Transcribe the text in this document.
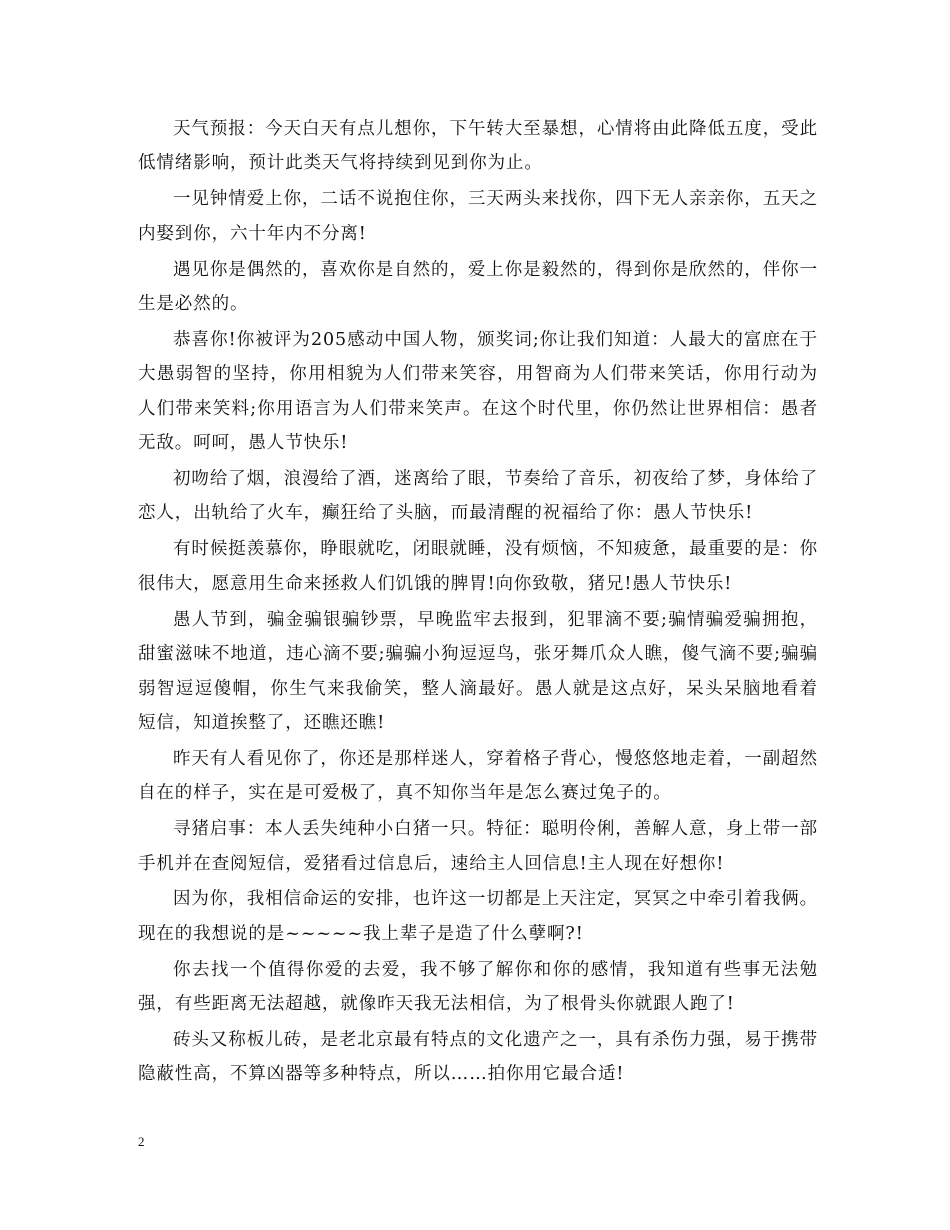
天气预报：今天白天有点儿想你，下午转大至暴想，心情将由此降低五度，受此低情绪影响，预计此类天气将持续到见到你为止。

一见钟情爱上你，二话不说抱住你，三天两头来找你，四下无人亲亲你，五天之内娶到你，六十年内不分离!

遇见你是偶然的，喜欢你是自然的，爱上你是毅然的，得到你是欣然的，伴你一生是必然的。

恭喜你!你被评为205感动中国人物，颁奖词;你让我们知道：人最大的富庶在于大愚弱智的坚持，你用相貌为人们带来笑容，用智商为人们带来笑话，你用行动为人们带来笑料;你用语言为人们带来笑声。在这个时代里，你仍然让世界相信：愚者无敌。呵呵，愚人节快乐!

初吻给了烟，浪漫给了酒，迷离给了眼，节奏给了音乐，初夜给了梦，身体给了恋人，出轨给了火车，癫狂给了头脑，而最清醒的祝福给了你：愚人节快乐!

有时候挺羡慕你，睁眼就吃，闭眼就睡，没有烦恼，不知疲惫，最重要的是：你很伟大，愿意用生命来拯救人们饥饿的脾胃!向你致敬，猪兄!愚人节快乐!

愚人节到，骗金骗银骗钞票，早晚监牢去报到，犯罪滴不要;骗情骗爱骗拥抱，甜蜜滋味不地道，违心滴不要;骗骗小狗逗逗鸟，张牙舞爪众人瞧，傻气滴不要;骗骗弱智逗逗傻帽，你生气来我偷笑，整人滴最好。愚人就是这点好，呆头呆脑地看着短信，知道挨整了，还瞧还瞧!

昨天有人看见你了，你还是那样迷人，穿着格子背心，慢悠悠地走着，一副超然自在的样子，实在是可爱极了，真不知你当年是怎么赛过兔子的。

寻猪启事：本人丢失纯种小白猪一只。特征：聪明伶俐，善解人意，身上带一部手机并在查阅短信，爱猪看过信息后，速给主人回信息!主人现在好想你!

因为你，我相信命运的安排，也许这一切都是上天注定，冥冥之中牵引着我俩。现在的我想说的是~~~~~我上辈子是造了什么孽啊?!

你去找一个值得你爱的去爱，我不够了解你和你的感情，我知道有些事无法勉强，有些距离无法超越，就像昨天我无法相信，为了根骨头你就跟人跑了!

砖头又称板儿砖，是老北京最有特点的文化遗产之一，具有杀伤力强，易于携带隐蔽性高，不算凶器等多种特点，所以……拍你用它最合适!

2
